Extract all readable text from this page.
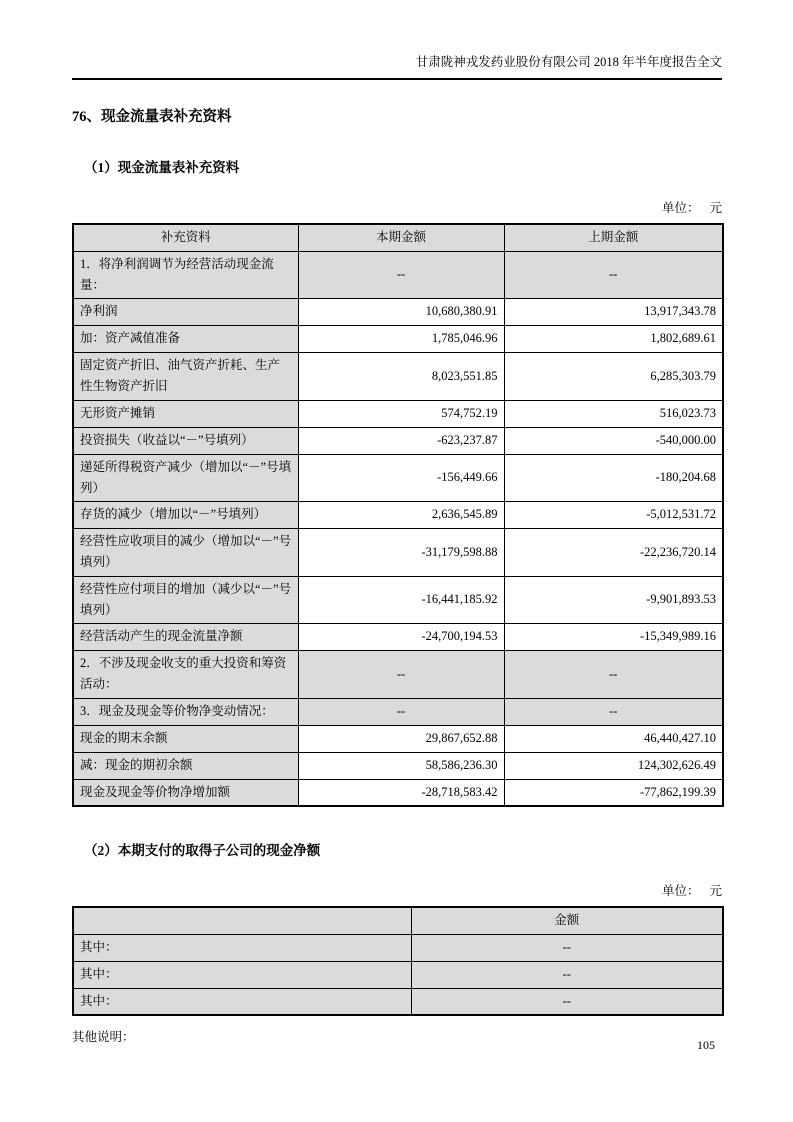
甘肃陇神戎发药业股份有限公司 2018 年半年度报告全文
76、现金流量表补充资料
（1）现金流量表补充资料
单位： 元
补充资料	本期金额	上期金额
1．将净利润调节为经营活动现金流量：	--	--
净利润	10,680,380.91	13,917,343.78
加：资产减值准备	1,785,046.96	1,802,689.61
固定资产折旧、油气资产折耗、生产性生物资产折旧	8,023,551.85	6,285,303.79
无形资产摊销	574,752.19	516,023.73
投资损失（收益以“－”号填列）	-623,237.87	-540,000.00
递延所得税资产减少（增加以“－”号填列）	-156,449.66	-180,204.68
存货的减少（增加以“－”号填列）	2,636,545.89	-5,012,531.72
经营性应收项目的减少（增加以“－”号填列）	-31,179,598.88	-22,236,720.14
经营性应付项目的增加（减少以“－”号填列）	-16,441,185.92	-9,901,893.53
经营活动产生的现金流量净额	-24,700,194.53	-15,349,989.16
2．不涉及现金收支的重大投资和筹资活动：	--	--
3．现金及现金等价物净变动情况：	--	--
现金的期末余额	29,867,652.88	46,440,427.10
减：现金的期初余额	58,586,236.30	124,302,626.49
现金及现金等价物净增加额	-28,718,583.42	-77,862,199.39
（2）本期支付的取得子公司的现金净额
单位： 元
	金额
其中：	--
其中：	--
其中：	--
其他说明：
105
